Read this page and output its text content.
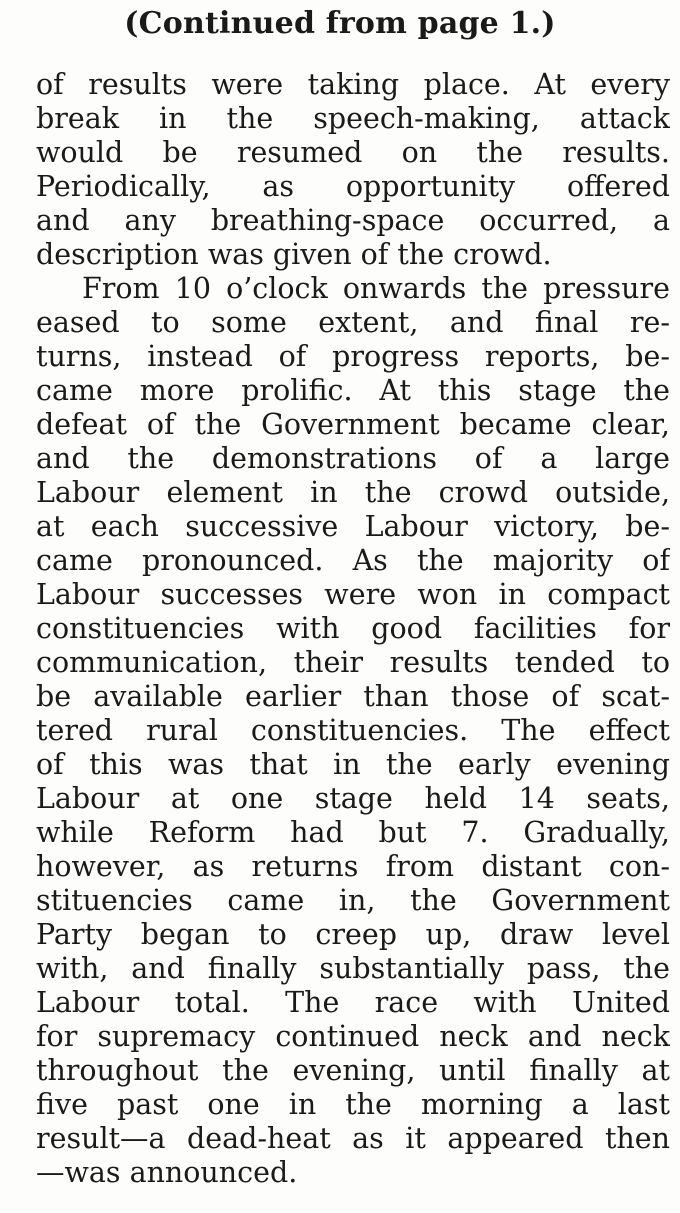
(Continued from page 1.)
of results were taking place. At every
break in the speech-making, attack
would be resumed on the results.
Periodically, as opportunity offered
and any breathing-space occurred, a
description was given of the crowd.
From 10 o’clock onwards the pressure
eased to some extent, and final re-
turns, instead of progress reports, be-
came more prolific. At this stage the
defeat of the Government became clear,
and the demonstrations of a large
Labour element in the crowd outside,
at each successive Labour victory, be-
came pronounced. As the majority of
Labour successes were won in compact
constituencies with good facilities for
communication, their results tended to
be available earlier than those of scat-
tered rural constituencies. The effect
of this was that in the early evening
Labour at one stage held 14 seats,
while Reform had but 7. Gradually,
however, as returns from distant con-
stituencies came in, the Government
Party began to creep up, draw level
with, and finally substantially pass, the
Labour total. The race with United
for supremacy continued neck and neck
throughout the evening, until finally at
five past one in the morning a last
result—a dead-heat as it appeared then
—was announced.
